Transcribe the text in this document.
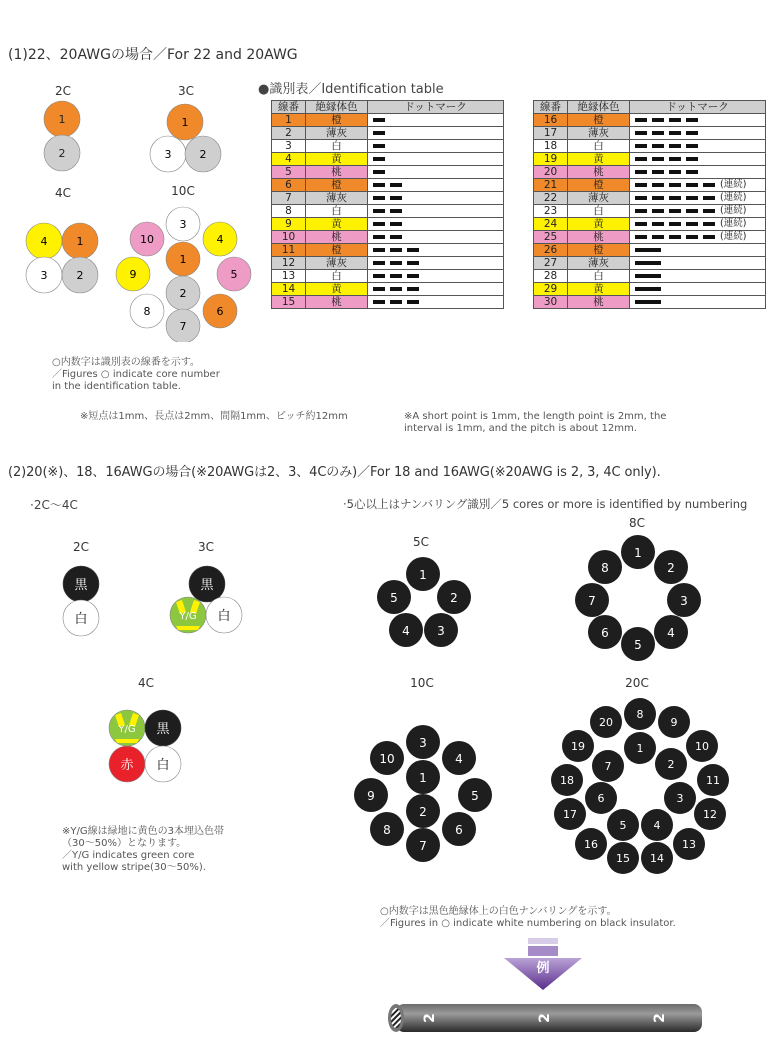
(1)22、20AWGの場合／For 22 and 20AWG
2C
1
2
3C
1
3	2
4C
4	1
3	2
10C
3
10	4
1
9	5
2
8	6
7
○内数字は識別表の線番を示す。
／Figures ○ indicate core number
in the identification table.
●識別表／Identification table
線番	絶縁体色	ドットマーク
1	橙	
2	薄灰	
3	白	
4	黄	
5	桃	
6	橙	
7	薄灰	
8	白	
9	黄	
10	桃	
11	橙	
12	薄灰	
13	白	
14	黄	
15	桃	
線番	絶縁体色	ドットマーク
16	橙	
17	薄灰	
18	白	
19	黄	
20	桃	
21	橙	(連続)
22	薄灰	(連続)
23	白	(連続)
24	黄	(連続)
25	桃	(連続)
26	橙	
27	薄灰	
28	白	
29	黄	
30	桃	
※短点は1mm、長点は2mm、間隔1mm、ピッチ約12mm	※A short point is 1mm, the length point is 2mm, the
interval is 1mm, and the pitch is about 12mm.
(2)20(※)、18、16AWGの場合(※20AWGは2、3、4Cのみ)／For 18 and 16AWG(※20AWG is 2, 3, 4C only).
·2C～4C	·5心以上はナンバリング識別／5 cores or more is identified by numbering
2C
黒
白
3C
黒
Y/G 白
4C
Y/G 黒
赤 白
※Y/G線は緑地に黄色の3本埋込色帯
（30～50%）となります。
／Y/G indicates green core
with yellow stripe(30～50%).
5C
1
2
3
4
5
8C
1
2
3
4
5
6
7
8
10C
3
10	4
1
9	5
2
8	6
7
20C
8
9
20
10
19
11
18
12
17
13
16
14
15
1
2
3
4
5
6
7
○内数字は黒色絶縁体上の白色ナンバリングを示す。
／Figures in ○ indicate white numbering on black insulator.
例
2	2	2
